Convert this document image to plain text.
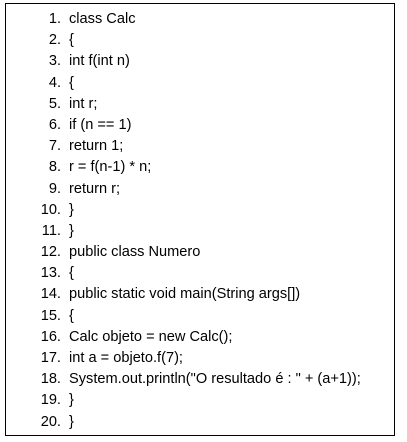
1. class Calc
2. {
3. int f(int n)
4. {
5. int r;
6. if (n == 1)
7. return 1;
8. r = f(n-1) * n;
9. return r;
10. }
11. }
12. public class Numero
13. {
14. public static void main(String args[])
15. {
16. Calc objeto = new Calc();
17. int a = objeto.f(7);
18. System.out.println("O resultado é : " + (a+1));
19. }
20. }
